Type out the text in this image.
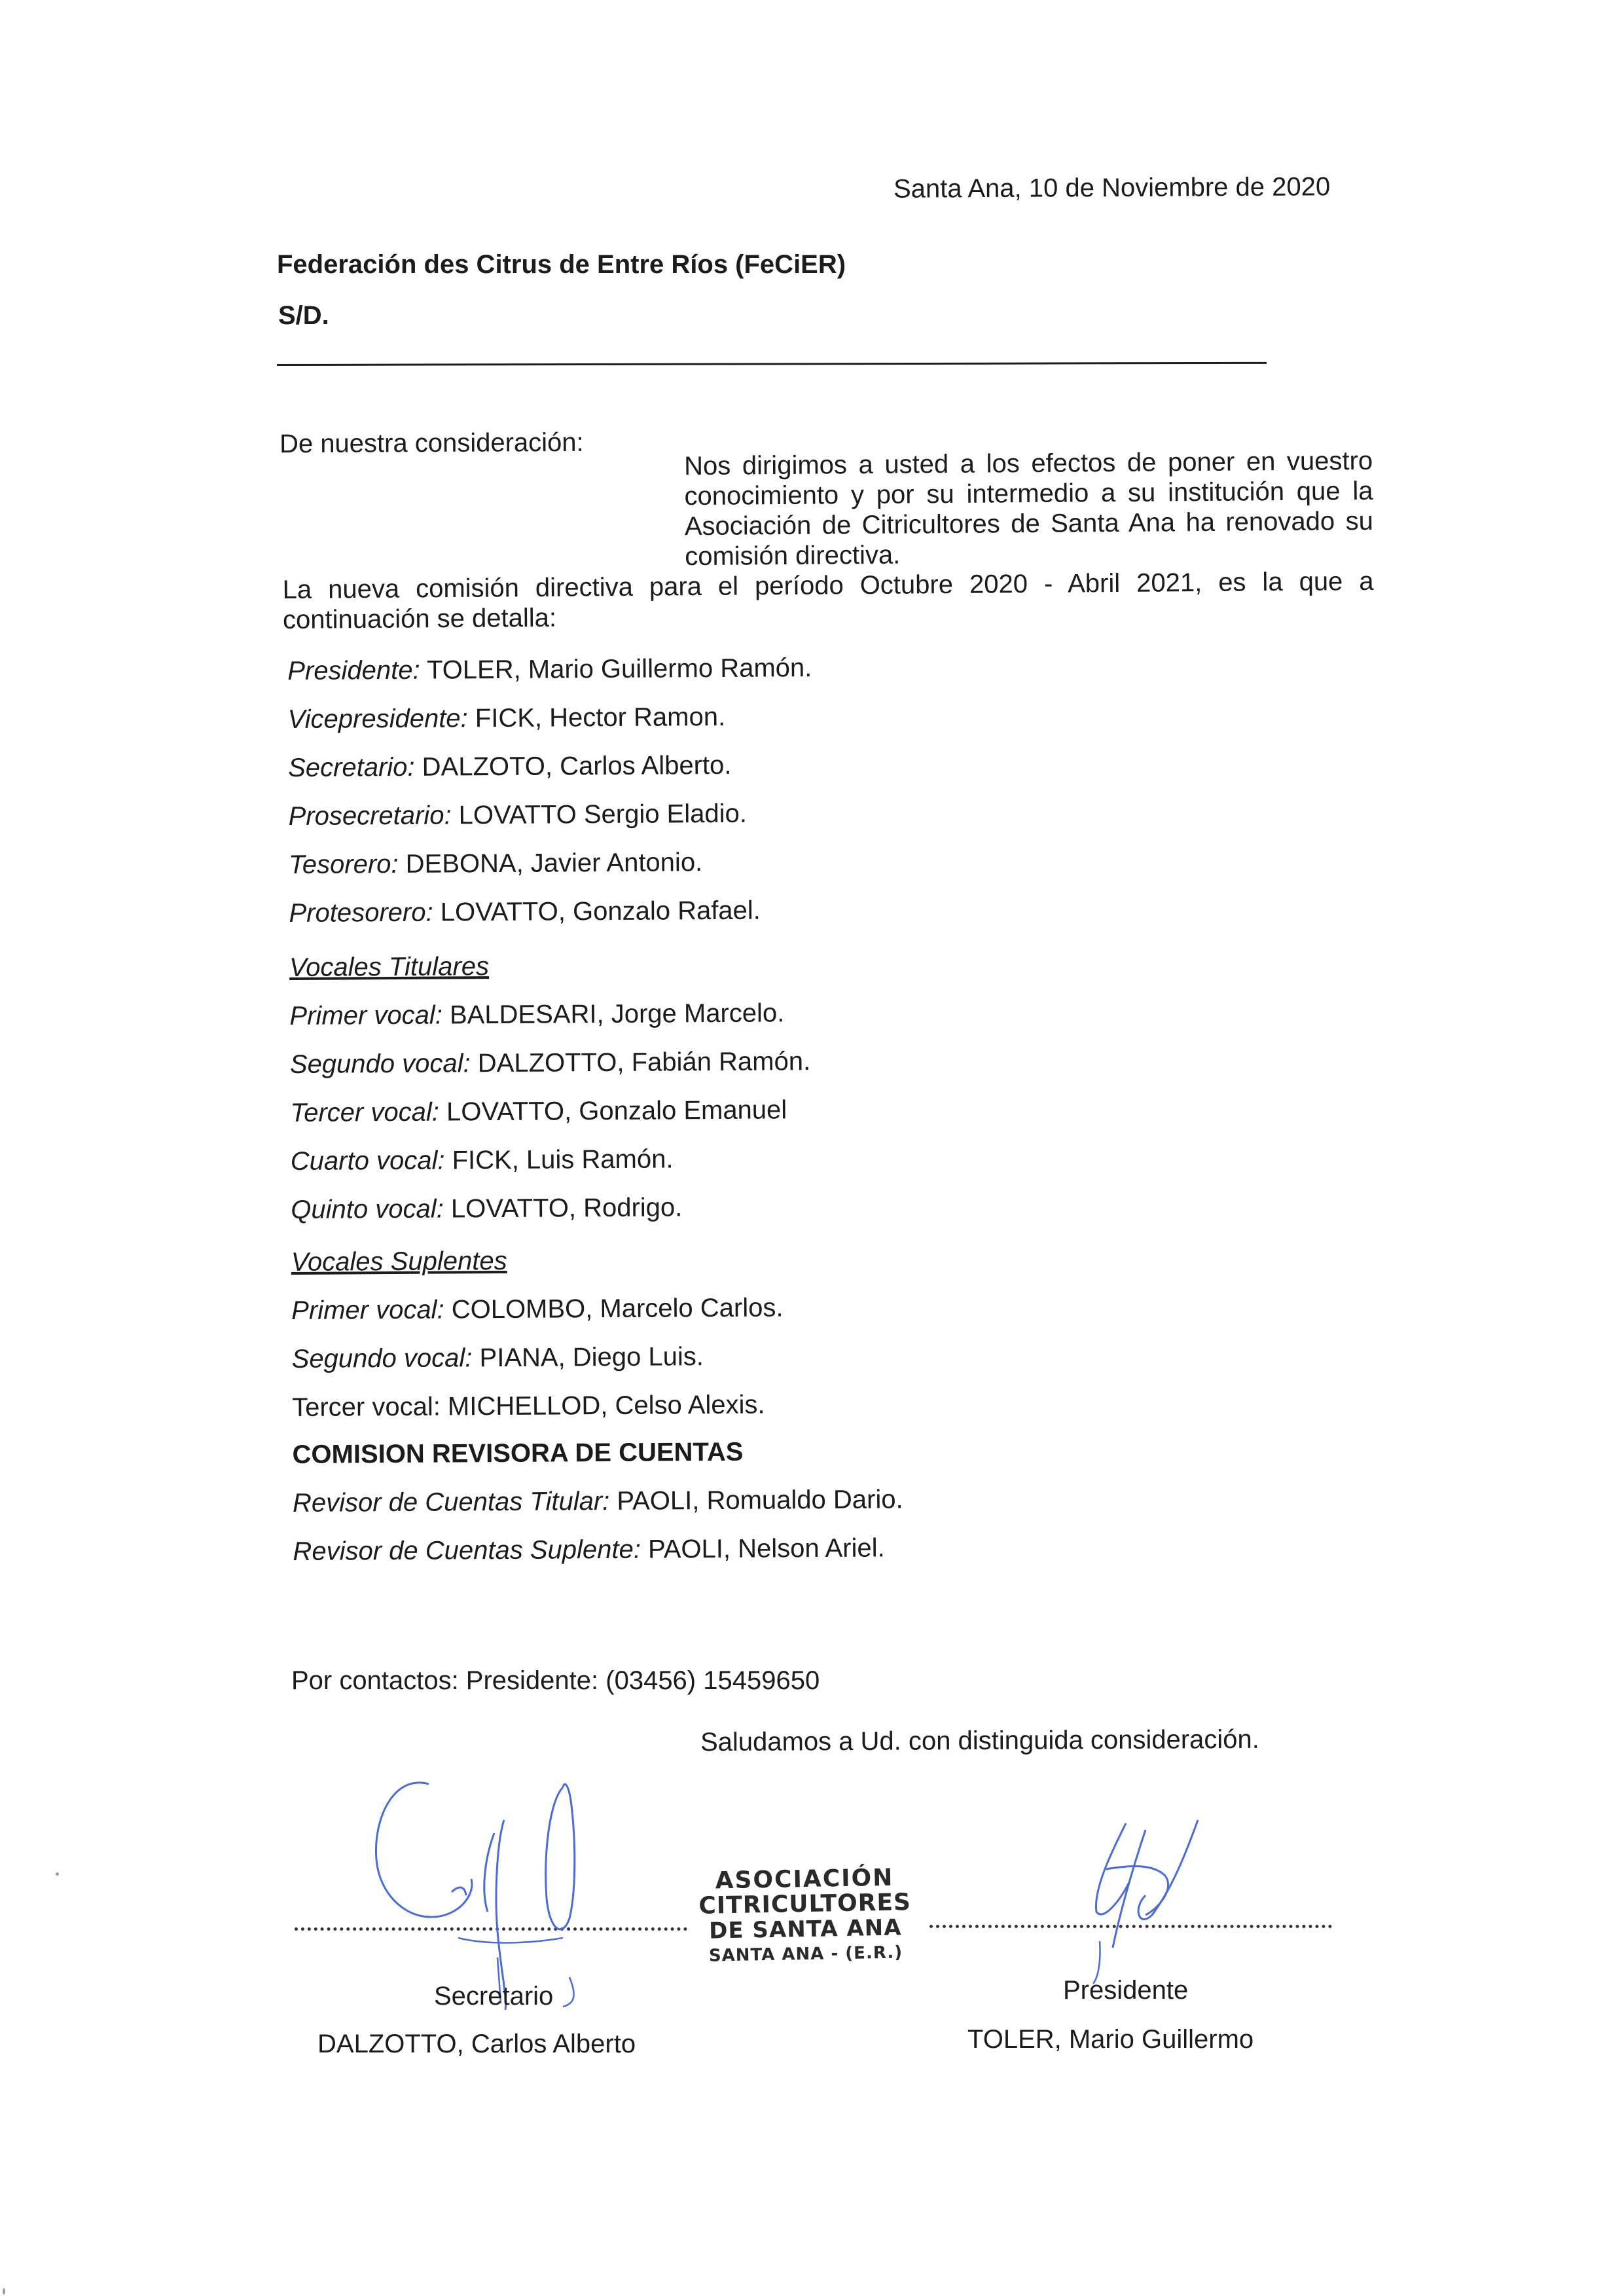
Santa Ana, 10 de Noviembre de 2020
Federación des Citrus de Entre Ríos (FeCiER)
S/D.
De nuestra consideración:

Nos dirigimos a usted a los efectos de poner en vuestro conocimiento y por su intermedio a su institución que la Asociación de Citricultores de Santa Ana ha renovado su comisión directiva.

La nueva comisión directiva para el período Octubre 2020 - Abril 2021, es la que a continuación se detalla:

Presidente: TOLER, Mario Guillermo Ramón.
Vicepresidente: FICK, Hector Ramon.
Secretario: DALZOTO, Carlos Alberto.
Prosecretario: LOVATTO Sergio Eladio.
Tesorero: DEBONA, Javier Antonio.
Protesorero: LOVATTO, Gonzalo Rafael.
Vocales Titulares
Primer vocal: BALDESARI, Jorge Marcelo.
Segundo vocal: DALZOTTO, Fabián Ramón.
Tercer vocal: LOVATTO, Gonzalo Emanuel
Cuarto vocal: FICK, Luis Ramón.
Quinto vocal: LOVATTO, Rodrigo.
Vocales Suplentes
Primer vocal: COLOMBO, Marcelo Carlos.
Segundo vocal: PIANA, Diego Luis.
Tercer vocal: MICHELLOD, Celso Alexis.
COMISION REVISORA DE CUENTAS
Revisor de Cuentas Titular: PAOLI, Romualdo Dario.
Revisor de Cuentas Suplente: PAOLI, Nelson Ariel.
Por contactos: Presidente: (03456) 15459650
Saludamos a Ud. con distinguida consideración.
ASOCIACIÓN
CITRICULTORES
DE SANTA ANA
SANTA ANA - (E.R.)
Secretario
DALZOTTO, Carlos Alberto
Presidente
TOLER, Mario Guillermo
